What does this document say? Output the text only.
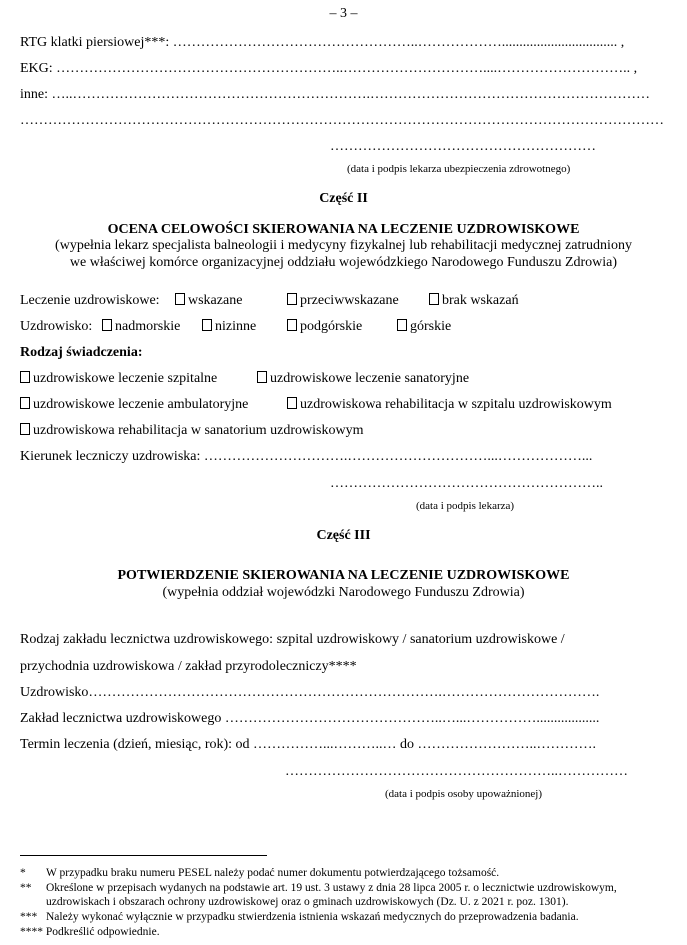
– 3 –
RTG klatki piersiowej***: ……………………………………………..………………................................. ,
EKG: ……………………………………………………..…………………………....……………………….. ,
inne: …..……………………………………………………….……………………………………………………
…………………………………………………………………………………………………………………………
…………………………………………………
(data i podpis lekarza ubezpieczenia zdrowotnego)
Część II
OCENA CELOWOŚCI SKIEROWANIA NA LECZENIE UZDROWISKOWE
(wypełnia lekarz specjalista balneologii i medycyny fizykalnej lub rehabilitacji medycznej zatrudniony
we właściwej komórce organizacyjnej oddziału wojewódzkiego Narodowego Funduszu Zdrowia)
Leczenie uzdrowiskowe:	wskazane	przeciwwskazane	brak wskazań
Uzdrowisko:	nadmorskie	nizinne	podgórskie	górskie
Rodzaj świadczenia:
uzdrowiskowe leczenie szpitalne	uzdrowiskowe leczenie sanatoryjne
uzdrowiskowe leczenie ambulatoryjne	uzdrowiskowa rehabilitacja w szpitalu uzdrowiskowym
uzdrowiskowa rehabilitacja w sanatorium uzdrowiskowym
Kierunek leczniczy uzdrowiska: ………………………….…………………………...………………...
…………………………………………………..
(data i podpis lekarza)
Część III
POTWIERDZENIE SKIEROWANIA NA LECZENIE UZDROWISKOWE
(wypełnia oddział wojewódzki Narodowego Funduszu Zdrowia)
Rodzaj zakładu lecznictwa uzdrowiskowego: szpital uzdrowiskowy / sanatorium uzdrowiskowe /
przychodnia uzdrowiskowa / zakład przyrodoleczniczy****
Uzdrowisko………………………………………………………………….…………………………….
Zakład lecznictwa uzdrowiskowego ………………………………………..…...……………..................
Termin leczenia (dzień, miesiąc, rok): od ……………...………..… do ……………………..………….
…………………………………………………..……………
(data i podpis osoby upoważnionej)
* W przypadku braku numeru PESEL należy podać numer dokumentu potwierdzającego tożsamość.
** Określone w przepisach wydanych na podstawie art. 19 ust. 3 ustawy z dnia 28 lipca 2005 r. o lecznictwie uzdrowiskowym,
uzdrowiskach i obszarach ochrony uzdrowiskowej oraz o gminach uzdrowiskowych (Dz. U. z 2021 r. poz. 1301).
*** Należy wykonać wyłącznie w przypadku stwierdzenia istnienia wskazań medycznych do przeprowadzenia badania.
**** Podkreślić odpowiednie.
